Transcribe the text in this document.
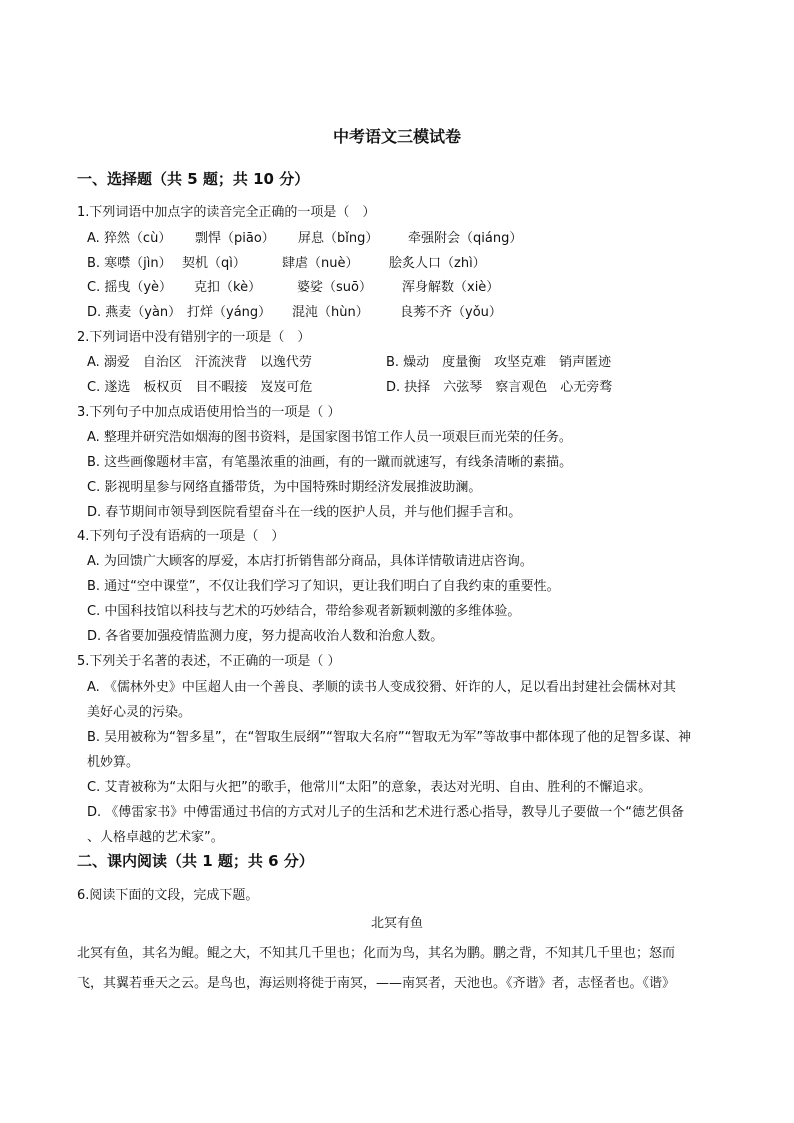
中考语文三模试卷
一、选择题（共 5 题；共 10 分）
1.下列词语中加点字的读音完全正确的一项是（　）
A. 猝然（cù） 剽悍（piāo） 屏息（bǐng） 牵强附会（qiáng）
B. 寒噤（jìn） 契机（qì）	肆虐（nuè） 脍炙人口（zhì）
C. 摇曳（yè） 克扣（kè）	婆娑（suō） 浑身解数（xiè）
D. 燕麦（yàn） 打烊（yáng） 混沌（hùn） 良莠不齐（yǒu）
2.下列词语中没有错别字的一项是（　）
A. 溺爱　自治区　汗流浃背　以逸代劳	B. 燥动　度量衡　攻坚克难　销声匿迹
C. 遂选　板权页　目不暇接　岌岌可危	D. 抉择　六弦琴　察言观色　心无旁骛
3.下列句子中加点成语使用恰当的一项是（ ）
A. 整理并研究浩如烟海的图书资料，是国家图书馆工作人员一项艰巨而光荣的任务。
B. 这些画像题材丰富，有笔墨浓重的油画，有的一蹴而就速写，有线条清晰的素描。
C. 影视明星参与网络直播带货，为中国特殊时期经济发展推波助澜。
D. 春节期间市领导到医院看望奋斗在一线的医护人员，并与他们握手言和。
4.下列句子没有语病的一项是（　）
A. 为回馈广大顾客的厚爱，本店打折销售部分商品，具体详情敬请进店咨询。
B. 通过“空中课堂”，不仅让我们学习了知识，更让我们明白了自我约束的重要性。
C. 中国科技馆以科技与艺术的巧妙结合，带给参观者新颖刺激的多维体验。
D. 各省要加强疫情监测力度，努力提高收治人数和治愈人数。
5.下列关于名著的表述，不正确的一项是（ ）
A. 《儒林外史》中匡超人由一个善良、孝顺的读书人变成狡猾、奸诈的人，足以看出封建社会儒林对其
美好心灵的污染。
B. 吴用被称为“智多星”，在“智取生辰纲”“智取大名府”“智取无为军”等故事中都体现了他的足智多谋、神
机妙算。
C. 艾青被称为“太阳与火把”的歌手，他常川“太阳”的意象，表达对光明、自由、胜利的不懈追求。
D. 《傅雷家书》中傅雷通过书信的方式对儿子的生活和艺术进行悉心指导，教导儿子要做一个“德艺俱备
、人格卓越的艺术家”。
二、课内阅读（共 1 题；共 6 分）
6.阅读下面的文段，完成下题。
北冥有鱼
北冥有鱼，其名为鲲。鲲之大，不知其几千里也；化而为鸟，其名为鹏。鹏之背，不知其几千里也；怒而
飞，其翼若垂天之云。是鸟也，海运则将徙于南冥，——南冥者，天池也。《齐谐》者，志怪者也。《谐》
